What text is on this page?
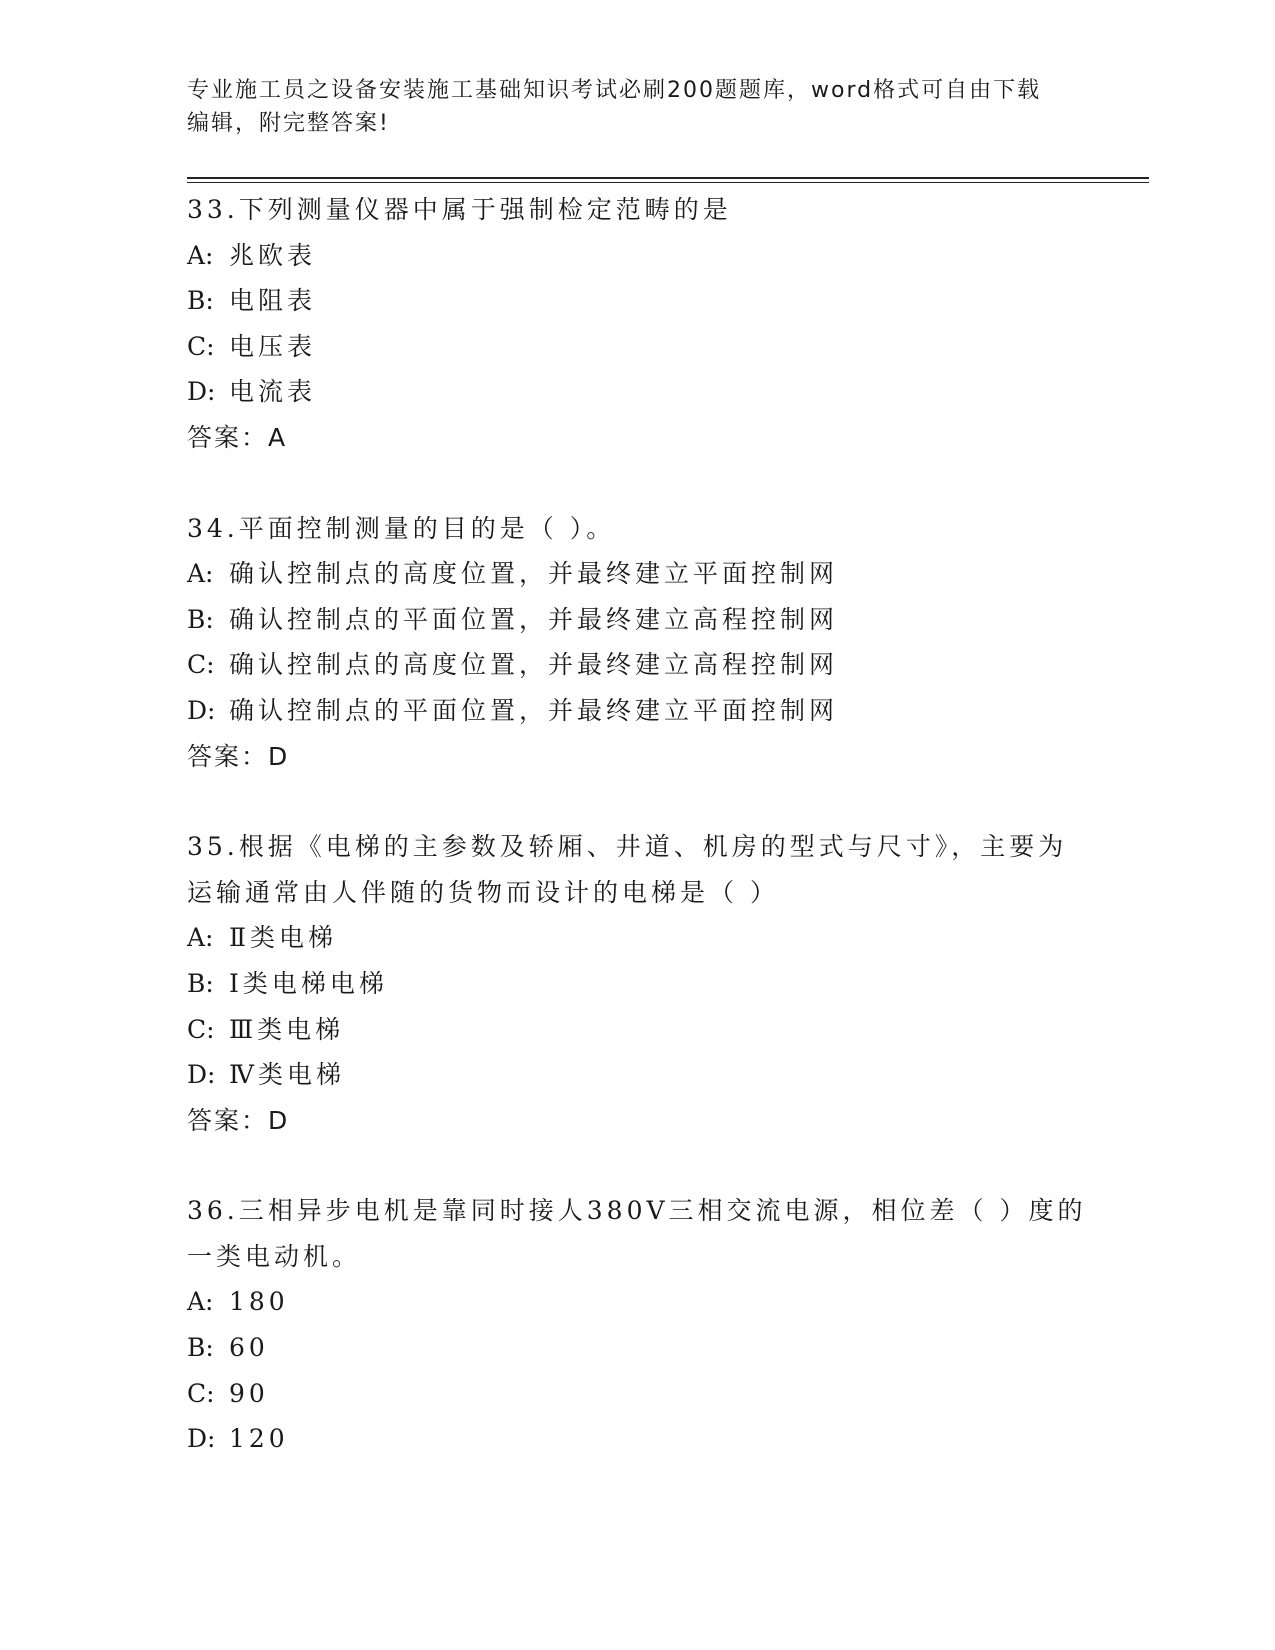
专业施工员之设备安装施工基础知识考试必刷200题题库，word格式可自由下载
编辑，附完整答案!
33.下列测量仪器中属于强制检定范畴的是
A: 兆欧表
B: 电阻表
C: 电压表
D: 电流表
答案：A
34.平面控制测量的目的是（ ）。
A: 确认控制点的高度位置，并最终建立平面控制网
B: 确认控制点的平面位置，并最终建立高程控制网
C: 确认控制点的高度位置，并最终建立高程控制网
D: 确认控制点的平面位置，并最终建立平面控制网
答案：D
35.根据《电梯的主参数及轿厢、井道、机房的型式与尺寸》，主要为运输通常由人伴随的货物而设计的电梯是（ ）
A: Ⅱ类电梯
B: Ⅰ类电梯电梯
C: Ⅲ类电梯
D: Ⅳ类电梯
答案：D
36.三相异步电机是靠同时接人380V三相交流电源，相位差（ ）度的一类电动机。
A: 180
B: 60
C: 90
D: 120
